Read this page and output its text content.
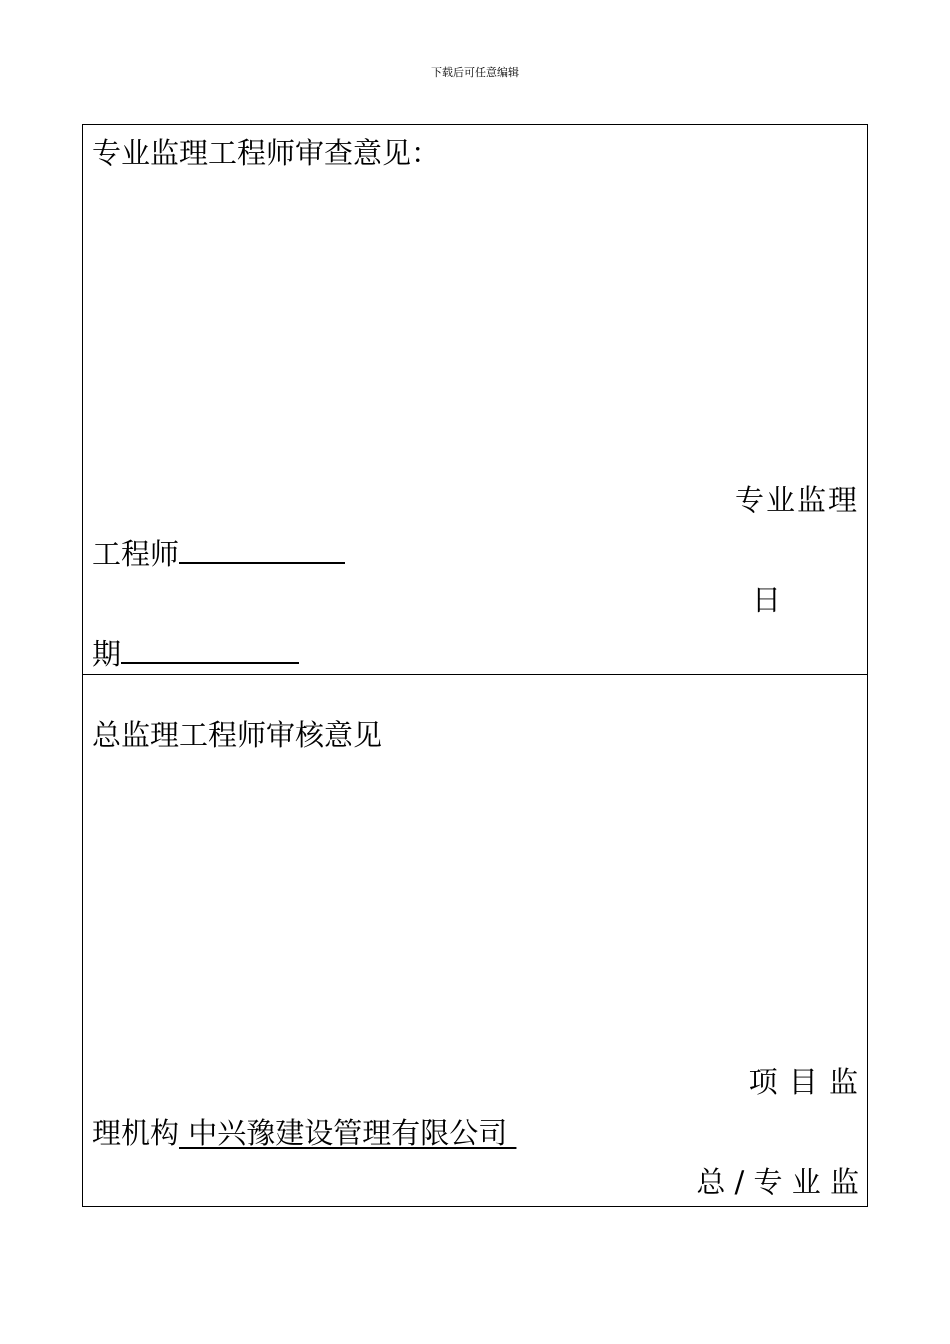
下载后可任意编辑
专业监理工程师审查意见：
专业监理
工程师
日
期
总监理工程师审核意见
项 目 监
理机构 中兴豫建设管理有限公司
总 / 专 业 监
